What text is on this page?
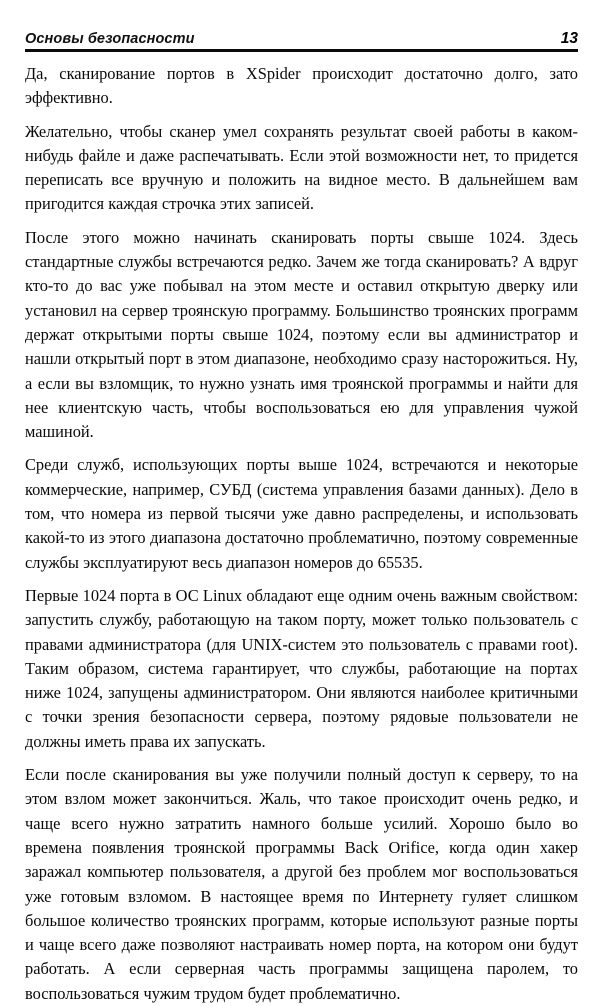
Основы безопасности	13

Да, сканирование портов в XSpider происходит достаточно долго, зато эффективно.

Желательно, чтобы сканер умел сохранять результат своей работы в каком-нибудь файле и даже распечатывать. Если этой возможности нет, то придется переписать все вручную и положить на видное место. В дальнейшем вам пригодится каждая строчка этих записей.

После этого можно начинать сканировать порты свыше 1024. Здесь стандартные службы встречаются редко. Зачем же тогда сканировать? А вдруг кто-то до вас уже побывал на этом месте и оставил открытую дверку или установил на сервер троянскую программу. Большинство троянских программ держат открытыми порты свыше 1024, поэтому если вы администратор и нашли открытый порт в этом диапазоне, необходимо сразу насторожиться. Ну, а если вы взломщик, то нужно узнать имя троянской программы и найти для нее клиентскую часть, чтобы воспользоваться ею для управления чужой машиной.

Среди служб, использующих порты выше 1024, встречаются и некоторые коммерческие, например, СУБД (система управления базами данных). Дело в том, что номера из первой тысячи уже давно распределены, и использовать какой-то из этого диапазона достаточно проблематично, поэтому современные службы эксплуатируют весь диапазон номеров до 65535.

Первые 1024 порта в ОС Linux обладают еще одним очень важным свойством: запустить службу, работающую на таком порту, может только пользователь с правами администратора (для UNIX-систем это пользователь с правами root). Таким образом, система гарантирует, что службы, работающие на портах ниже 1024, запущены администратором. Они являются наиболее критичными с точки зрения безопасности сервера, поэтому рядовые пользователи не должны иметь права их запускать.

Если после сканирования вы уже получили полный доступ к серверу, то на этом взлом может закончиться. Жаль, что такое происходит очень редко, и чаще всего нужно затратить намного больше усилий. Хорошо было во времена появления троянской программы Back Orifice, когда один хакер заражал компьютер пользователя, а другой без проблем мог воспользоваться уже готовым взломом. В настоящее время по Интернету гуляет слишком большое количество троянских программ, которые используют разные порты и чаще всего даже позволяют настраивать номер порта, на котором они будут работать. А если серверная часть программы защищена паролем, то воспользоваться чужим трудом будет проблематично.
